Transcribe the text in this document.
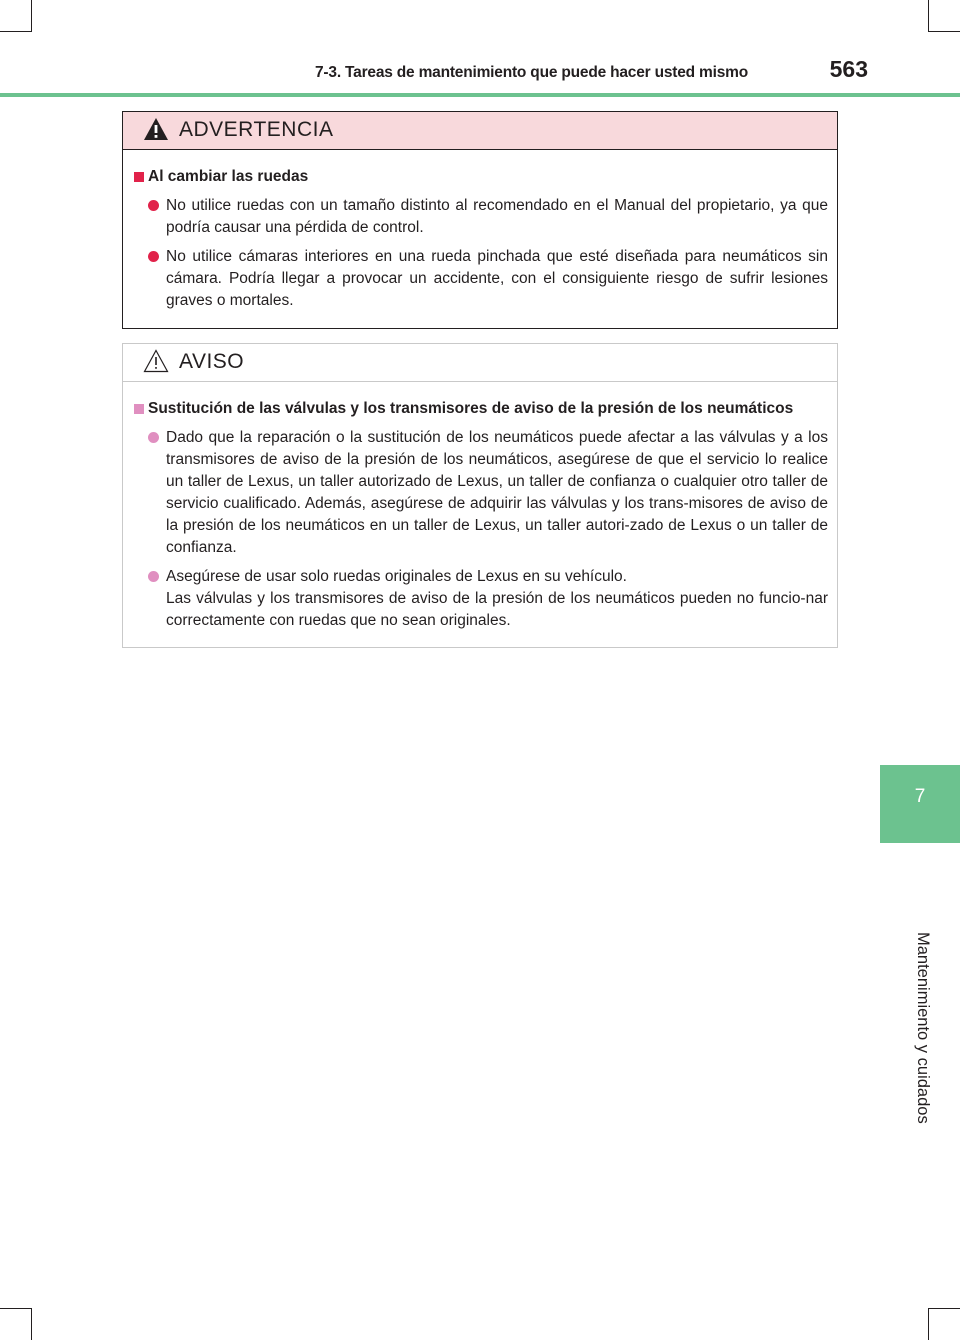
7-3. Tareas de mantenimiento que puede hacer usted mismo	563
7
Mantenimiento y cuidados
ADVERTENCIA
Al cambiar las ruedas

No utilice ruedas con un tamaño distinto al recomendado en el Manual del propietario, ya que podría causar una pérdida de control.

No utilice cámaras interiores en una rueda pinchada que esté diseñada para neumáticos sin cámara. Podría llegar a provocar un accidente, con el consiguiente riesgo de sufrir lesiones graves o mortales.

AVISO
Sustitución de las válvulas y los transmisores de aviso de la presión de los neumáticos

Dado que la reparación o la sustitución de los neumáticos puede afectar a las válvulas y a los transmisores de aviso de la presión de los neumáticos, asegúrese de que el servicio lo realice un taller de Lexus, un taller autorizado de Lexus, un taller de confianza o cualquier otro taller de servicio cualificado. Además, asegúrese de adquirir las válvulas y los trans-misores de aviso de la presión de los neumáticos en un taller de Lexus, un taller autori-zado de Lexus o un taller de confianza.

Asegúrese de usar solo ruedas originales de Lexus en su vehículo.

Las válvulas y los transmisores de aviso de la presión de los neumáticos pueden no funcio-nar correctamente con ruedas que no sean originales.
